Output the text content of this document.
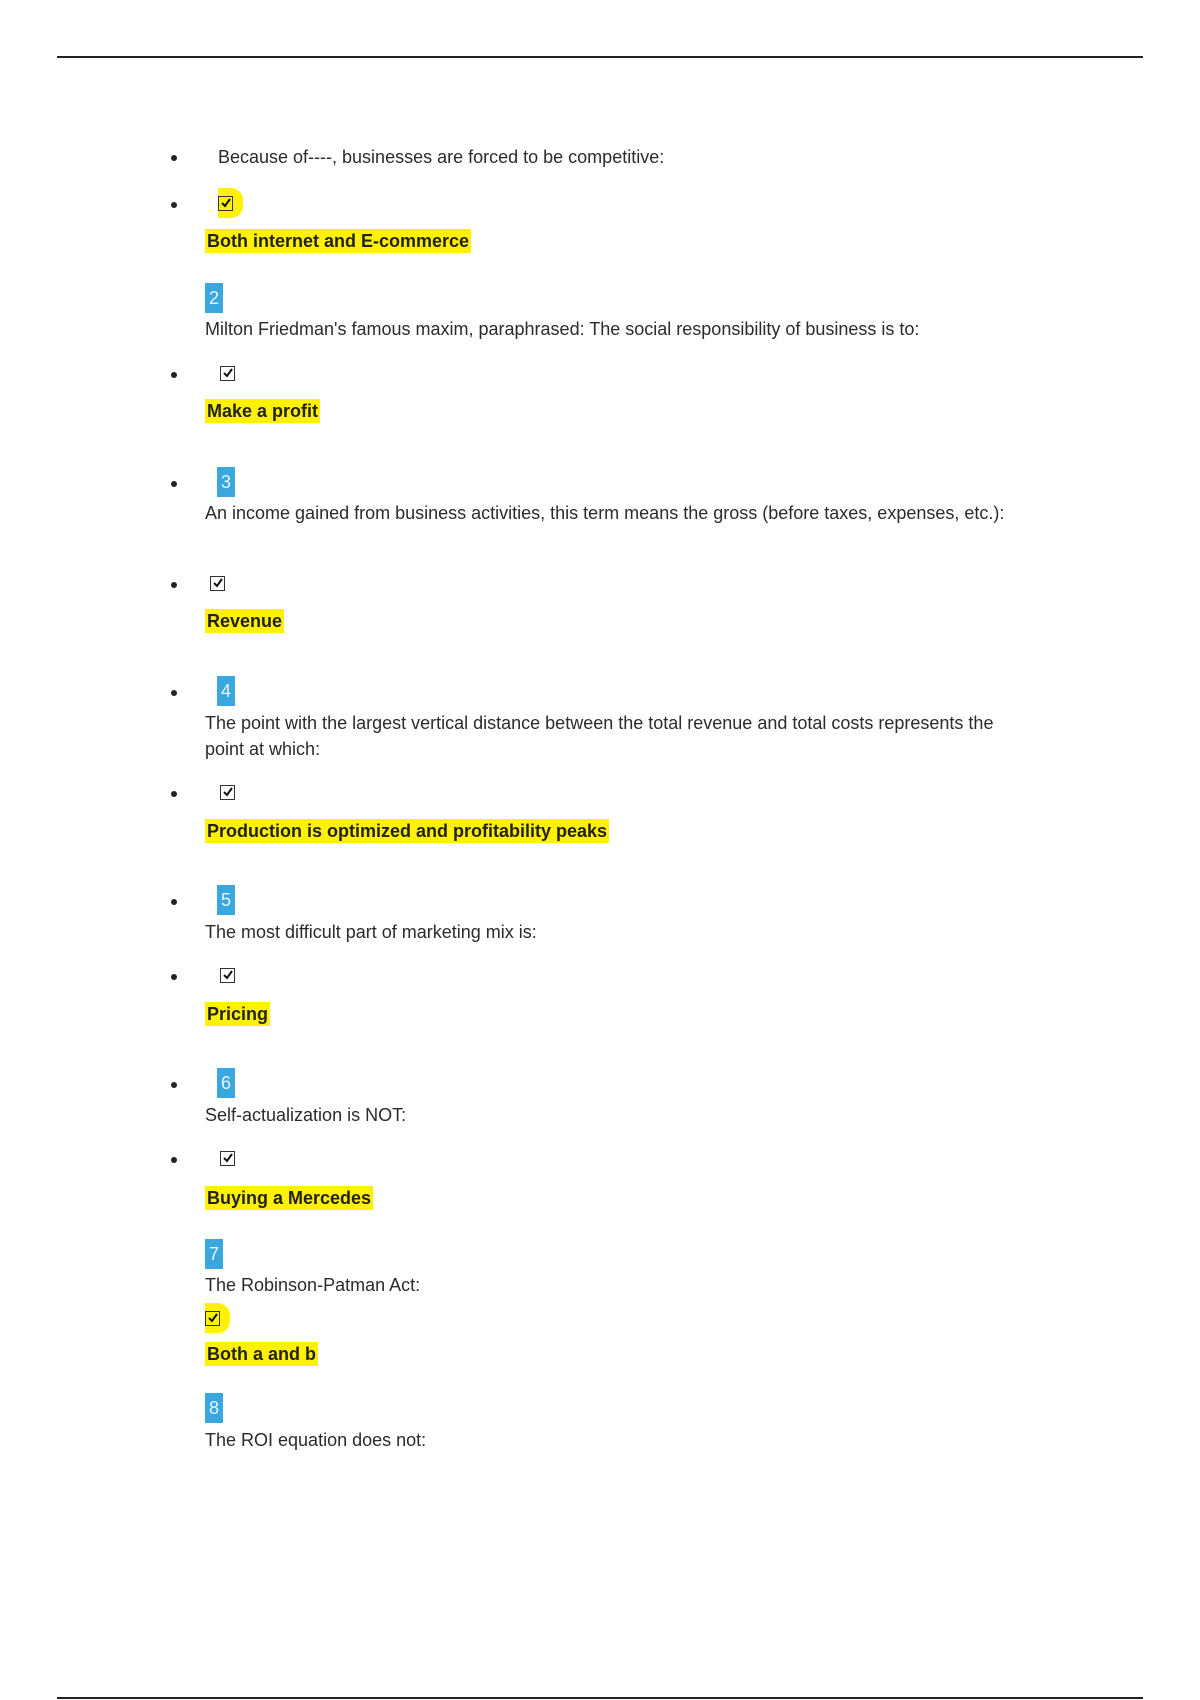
Because of----, businesses are forced to be competitive:
Both internet and E-commerce
2
Milton Friedman's famous maxim, paraphrased: The social responsibility of business is to:
Make a profit
3
An income gained from business activities, this term means the gross (before taxes, expenses, etc.):
Revenue
4
The point with the largest vertical distance between the total revenue and total costs represents the point at which:
Production is optimized and profitability peaks
5
The most difficult part of marketing mix is:
Pricing
6
Self-actualization is NOT:
Buying a Mercedes
7
The Robinson-Patman Act:
Both a and b
8
The ROI equation does not:
